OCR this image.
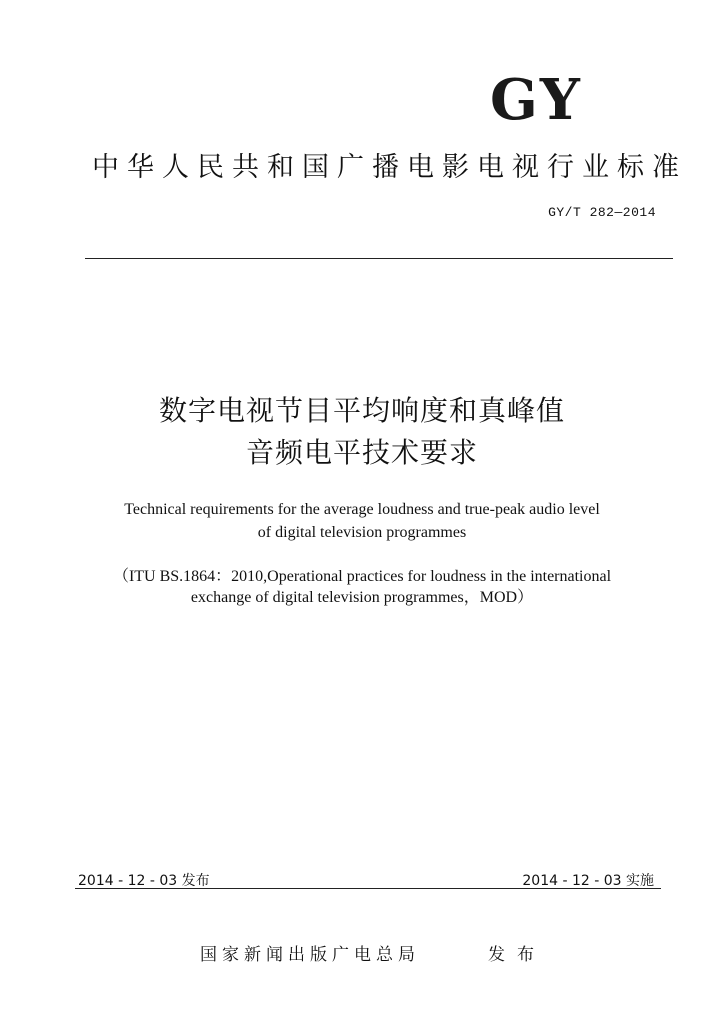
GY
中华人民共和国广播电影电视行业标准
GY/T 282—2014
数字电视节目平均响度和真峰值
音频电平技术要求
Technical requirements for the average loudness and true-peak audio level
of digital television programmes
（ITU BS.1864：2010,Operational practices for loudness in the international
exchange of digital television programmes，MOD）
2014 - 12 - 03 发布	2014 - 12 - 03 实施
国家新闻出版广电总局	发布
